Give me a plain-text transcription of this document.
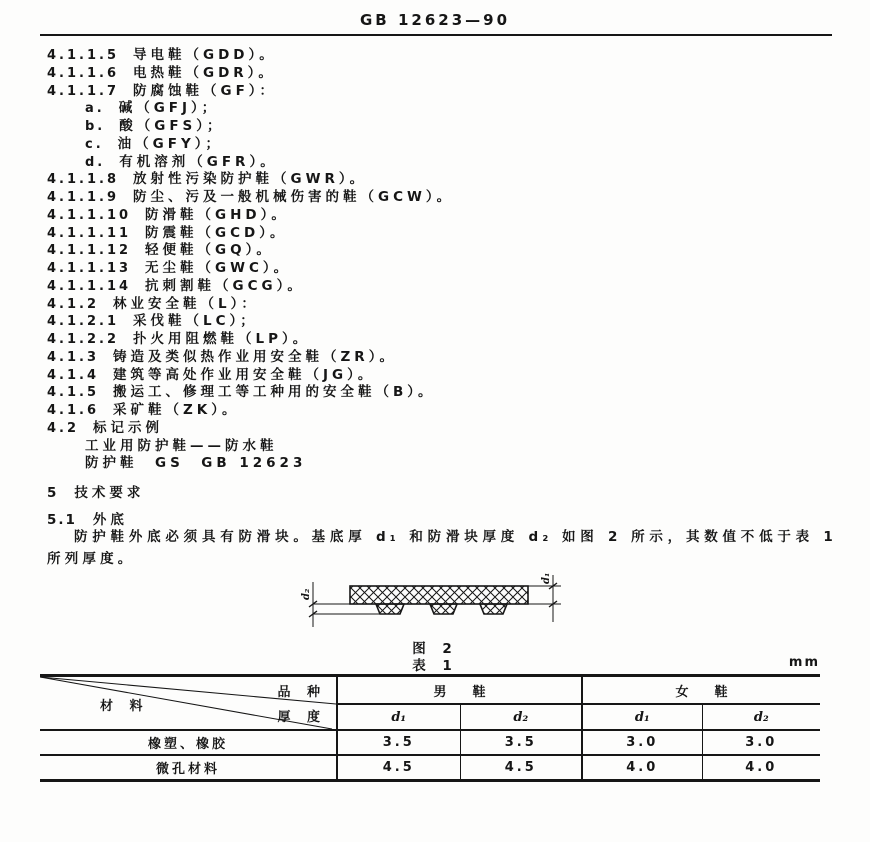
GB 12623—90
4.1.1.5 导电鞋（GDD）。
4.1.1.6 电热鞋（GDR）。
4.1.1.7 防腐蚀鞋（GF）：
a. 碱（GFJ）；
b. 酸（GFS）；
c. 油（GFY）；
d. 有机溶剂（GFR）。
4.1.1.8 放射性污染防护鞋（GWR）。
4.1.1.9 防尘、污及一般机械伤害的鞋（GCW）。
4.1.1.10 防滑鞋（GHD）。
4.1.1.11 防震鞋（GCD）。
4.1.1.12 轻便鞋（GQ）。
4.1.1.13 无尘鞋（GWC）。
4.1.1.14 抗刺割鞋（GCG）。
4.1.2 林业安全鞋（L）：
4.1.2.1 采伐鞋（LC）；
4.1.2.2 扑火用阻燃鞋（LP）。
4.1.3 铸造及类似热作业用安全鞋（ZR）。
4.1.4 建筑等高处作业用安全鞋（JG）。
4.1.5 搬运工、修理工等工种用的安全鞋（B）。
4.1.6 采矿鞋（ZK）。
4.2 标记示例
工业用防护鞋——防水鞋
防护鞋　GS　GB 12623
5 技术要求
5.1 外底
防护鞋外底必须具有防滑块。基底厚 d₁ 和防滑块厚度 d₂ 如图 2 所示，其数值不低于表 1 所列厚度。
d₂
d₁
图 2
表 1	mm
品 种
厚 度
材 料	男　　鞋		女　　鞋	
	d₁	d₂	d₁	d₂
橡塑、橡胶	3.5	3.5	3.0	3.0
微孔材料	4.5	4.5	4.0	4.0
